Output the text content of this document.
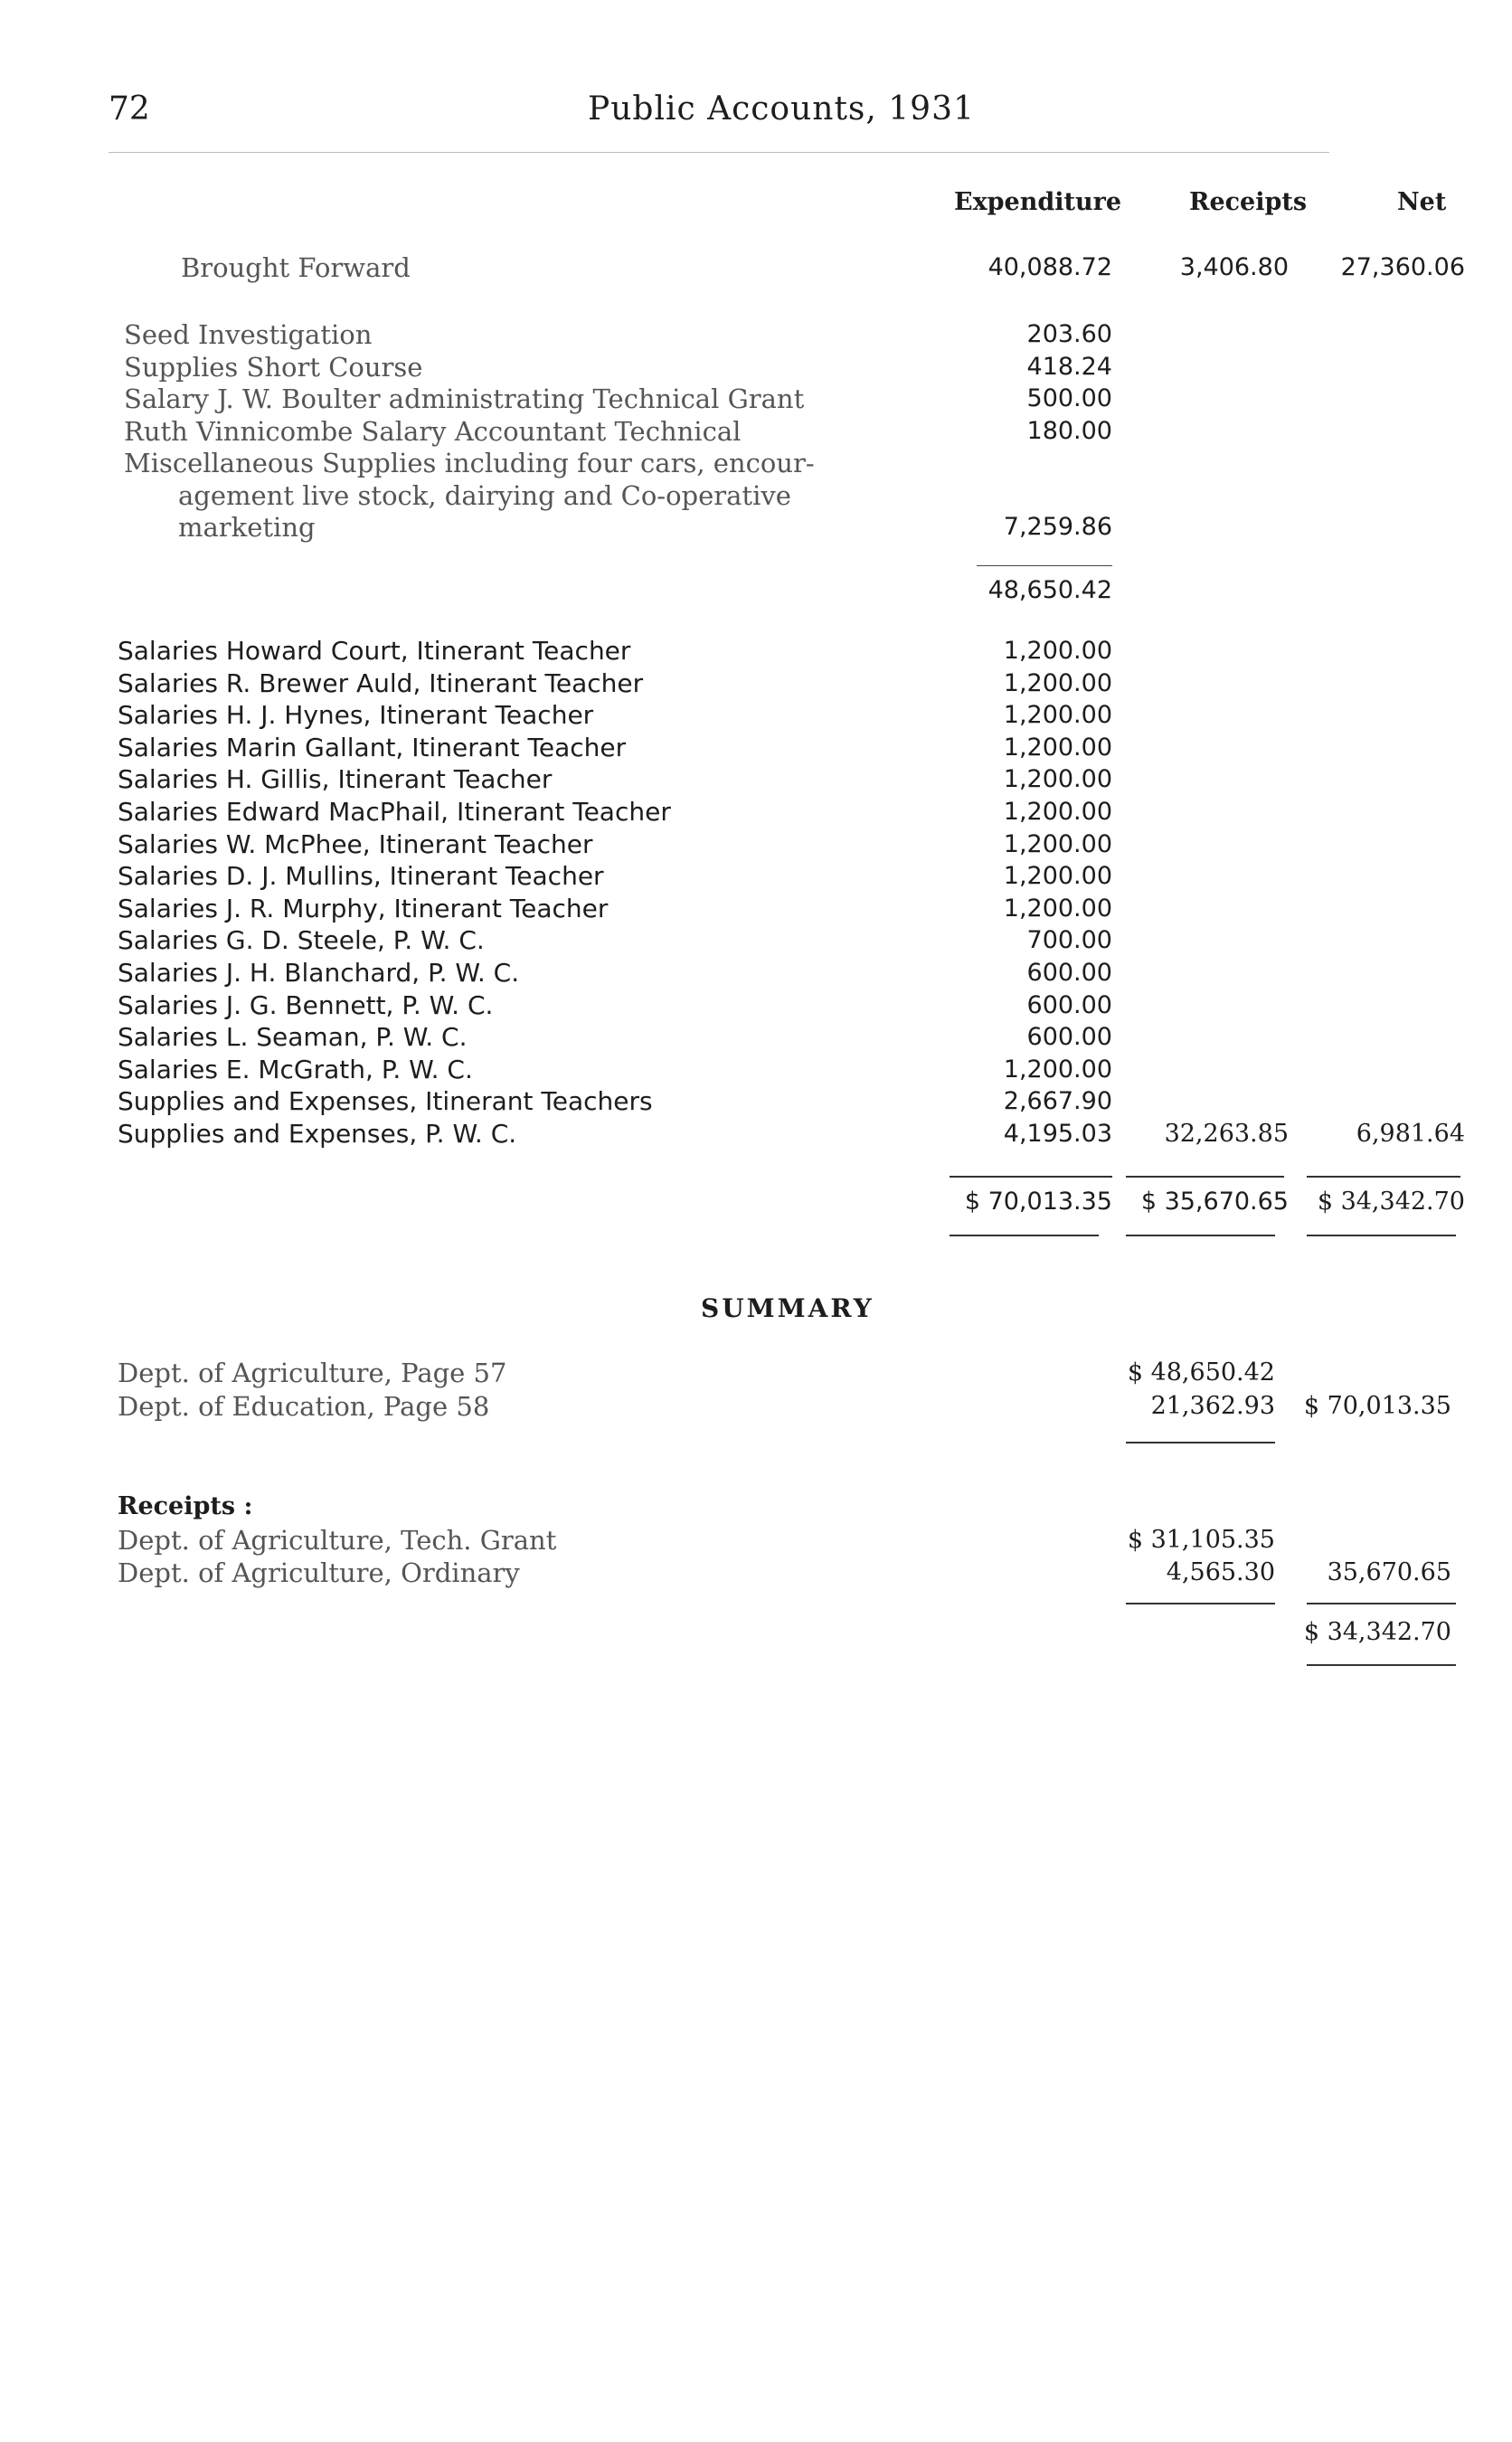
72	Public Accounts, 1931
Expenditure	Receipts	Net
Brought Forward	40,088.72	3,406.80	27,360.06
Seed Investigation	203.60
Supplies Short Course	418.24
Salary J. W. Boulter administrating Technical Grant	500.00
Ruth Vinnicombe Salary Accountant Technical	180.00
Miscellaneous Supplies including four cars, encour-
agement live stock, dairying and Co-operative
marketing	7,259.86
48,650.42
Salaries Howard Court, Itinerant Teacher	1,200.00
Salaries R. Brewer Auld, Itinerant Teacher	1,200.00
Salaries H. J. Hynes, Itinerant Teacher	1,200.00
Salaries Marin Gallant, Itinerant Teacher	1,200.00
Salaries H. Gillis, Itinerant Teacher	1,200.00
Salaries Edward MacPhail, Itinerant Teacher	1,200.00
Salaries W. McPhee, Itinerant Teacher	1,200.00
Salaries D. J. Mullins, Itinerant Teacher	1,200.00
Salaries J. R. Murphy, Itinerant Teacher	1,200.00
Salaries G. D. Steele, P. W. C.	700.00
Salaries J. H. Blanchard, P. W. C.	600.00
Salaries J. G. Bennett, P. W. C.	600.00
Salaries L. Seaman, P. W. C.	600.00
Salaries E. McGrath, P. W. C.	1,200.00
Supplies and Expenses, Itinerant Teachers	2,667.90
Supplies and Expenses, P. W. C.	4,195.03	32,263.85	6,981.64
$ 70,013.35	$ 35,670.65	$ 34,342.70
SUMMARY
Dept. of Agriculture, Page 57	$ 48,650.42
Dept. of Education, Page 58	21,362.93	$ 70,013.35
Receipts :
Dept. of Agriculture, Tech. Grant	$ 31,105.35
Dept. of Agriculture, Ordinary	4,565.30	35,670.65
$ 34,342.70
